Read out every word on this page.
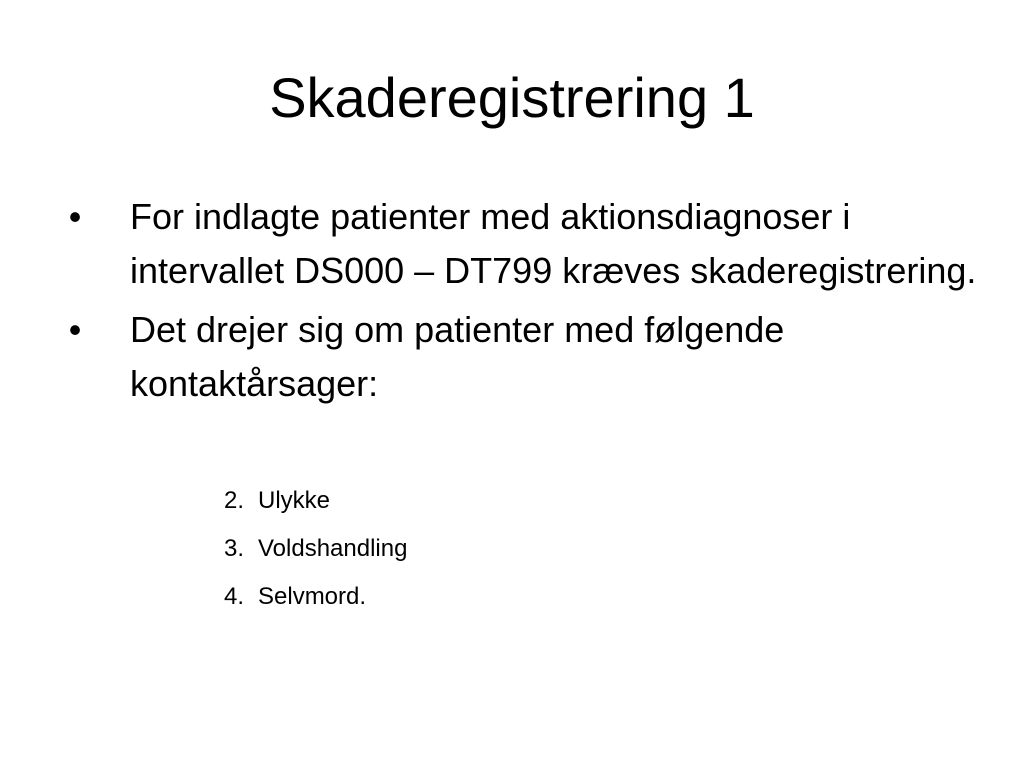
Skaderegistrering 1
• For indlagte patienter med aktionsdiagnoser i intervallet DS000 – DT799 kræves skaderegistrering.
• Det drejer sig om patienter med følgende kontaktårsager:
2. Ulykke
3. Voldshandling
4. Selvmord.
